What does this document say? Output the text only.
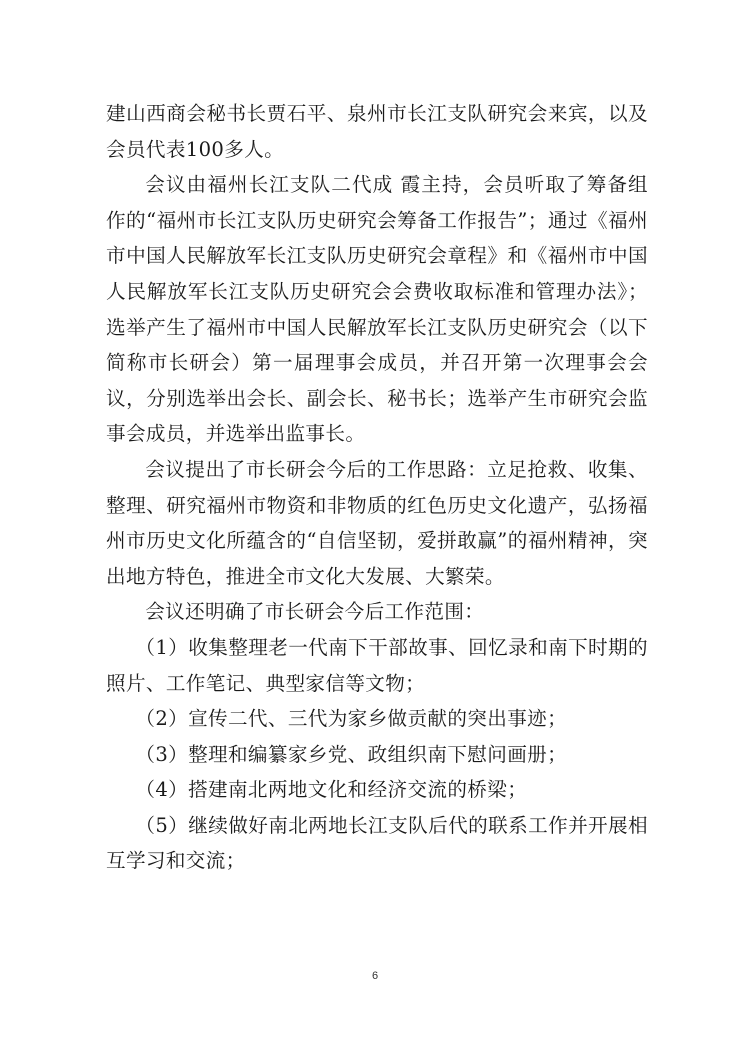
建山西商会秘书长贾石平、泉州市长江支队研究会来宾，以及会员代表100多人。

会议由福州长江支队二代成 霞主持，会员听取了筹备组作的“福州市长江支队历史研究会筹备工作报告”；通过《福州市中国人民解放军长江支队历史研究会章程》和《福州市中国人民解放军长江支队历史研究会会费收取标准和管理办法》；选举产生了福州市中国人民解放军长江支队历史研究会（以下简称市长研会）第一届理事会成员，并召开第一次理事会会议，分别选举出会长、副会长、秘书长；选举产生市研究会监事会成员，并选举出监事长。

会议提出了市长研会今后的工作思路：立足抢救、收集、整理、研究福州市物资和非物质的红色历史文化遗产，弘扬福州市历史文化所蕴含的“自信坚韧，爱拼敢赢”的福州精神，突出地方特色，推进全市文化大发展、大繁荣。

会议还明确了市长研会今后工作范围：

（1）收集整理老一代南下干部故事、回忆录和南下时期的照片、工作笔记、典型家信等文物；

（2）宣传二代、三代为家乡做贡献的突出事迹；

（3）整理和编纂家乡党、政组织南下慰问画册；

（4）搭建南北两地文化和经济交流的桥梁；

（5）继续做好南北两地长江支队后代的联系工作并开展相互学习和交流；

6
